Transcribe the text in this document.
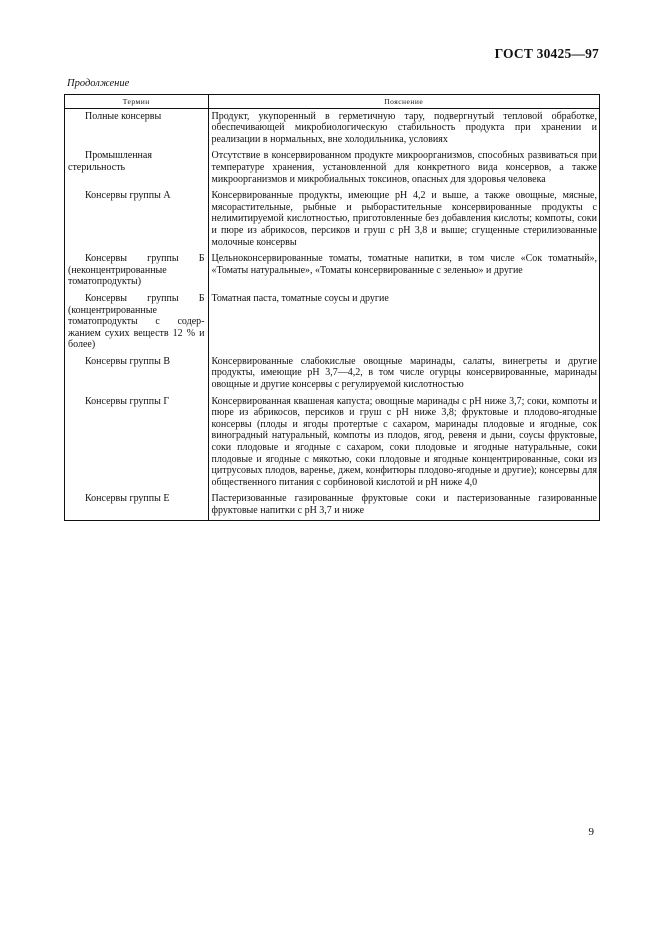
ГОСТ 30425—97
Продолжение
Термин	Пояснение

Полные консервы	Продукт, укупоренный в герметичную тару, подвергнутый тепловой обработке, обеспечивающей микробиологическую стабильность продукта при хранении и реализации в нормальных, вне холодильника, условиях

Промышленная стерильность	Отсутствие в консервированном продукте микроорганизмов, способных развиваться при температуре хранения, установленной для конкретного вида консервов, а также микроорганизмов и микробиальных токсинов, опасных для здоровья человека

Консервы группы А	Консервированные продукты, имеющие pH 4,2 и выше, а также овощные, мясные, мясорастительные, рыбные и рыборастительные консервированные продукты с нелимитируемой кислотностью, приготовленные без добавления кислоты; компоты, соки и пюре из абрикосов, персиков и груш с pH 3,8 и выше; сгущенные стерилизованные молочные консервы

Консервы группы Б (неконцентрированные томатопродукты)	Цельноконсервированные томаты, томатные напитки, в том числе «Сок томатный», «Томаты натуральные», «Томаты консервированные с зеленью» и другие

Консервы группы Б (концентрированные томатопродукты с содер-жанием сухих веществ 12 % и более)	Томатная паста, томатные соусы и другие

Консервы группы В	Консервированные слабокислые овощные маринады, салаты, винегреты и другие продукты, имеющие pH 3,7—4,2, в том числе огурцы консервированные, маринады овощные и другие консервы с регулируемой кислотностью

Консервы группы Г	Консервированная квашеная капуста; овощные маринады с pH ниже 3,7; соки, компоты и пюре из абрикосов, персиков и груш с pH ниже 3,8; фруктовые и плодово-ягодные консервы (плоды и ягоды протертые с сахаром, маринады плодовые и ягодные, сок виноградный натуральный, компоты из плодов, ягод, ревеня и дыни, соусы фруктовые, соки плодовые и ягодные с сахаром, соки плодовые и ягодные натуральные, соки плодовые и ягодные с мякотью, соки плодовые и ягодные концентрированные, соки из цитрусовых плодов, варенье, джем, конфитюры плодово-ягодные и другие); консервы для общественного питания с сорбиновой кислотой и pH ниже 4,0

Консервы группы Е	Пастеризованные газированные фруктовые соки и пастеризованные газированные фруктовые напитки с pH 3,7 и ниже
9
